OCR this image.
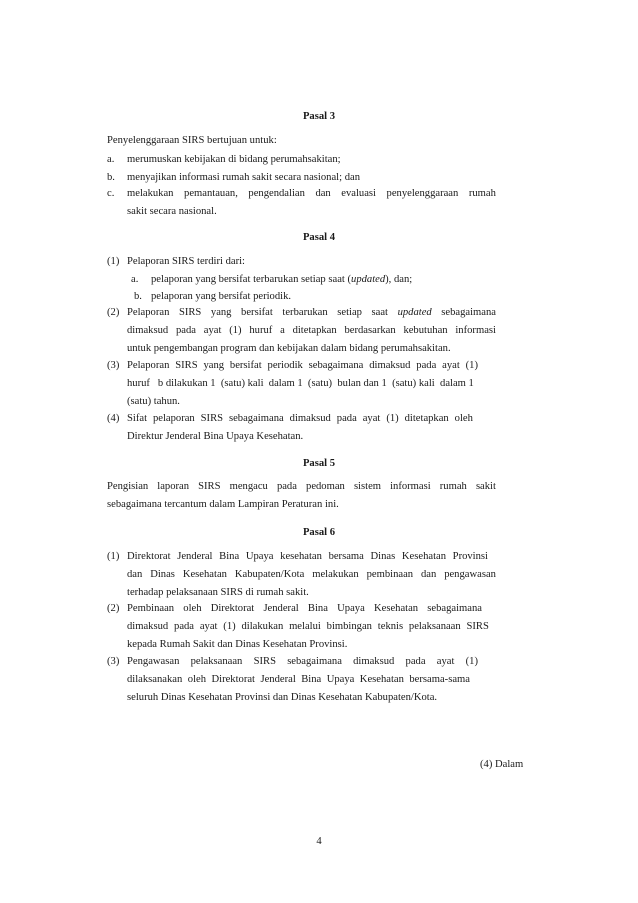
Pasal 3
Penyelenggaraan SIRS bertujuan untuk:
a. merumuskan kebijakan di bidang perumahsakitan;
b. menyajikan informasi rumah sakit secara nasional; dan
c. melakukan pemantauan, pengendalian dan evaluasi penyelenggaraan rumah
sakit secara nasional.
Pasal 4
(1) Pelaporan SIRS terdiri dari:
a. pelaporan yang bersifat terbarukan setiap saat (updated), dan;
b. pelaporan yang bersifat periodik.
(2) Pelaporan SIRS yang bersifat terbarukan setiap saat updated sebagaimana
dimaksud pada ayat (1) huruf a ditetapkan berdasarkan kebutuhan informasi
untuk pengembangan program dan kebijakan dalam bidang perumahsakitan.
(3) Pelaporan SIRS yang bersifat periodik sebagaimana dimaksud pada ayat (1)
huruf   b dilakukan 1  (satu) kali  dalam 1  (satu)  bulan dan 1  (satu) kali  dalam 1
(satu) tahun.
(4) Sifat pelaporan SIRS sebagaimana dimaksud pada ayat (1) ditetapkan oleh
Direktur Jenderal Bina Upaya Kesehatan.
Pasal 5
Pengisian laporan SIRS mengacu pada pedoman sistem informasi rumah sakit
sebagaimana tercantum dalam Lampiran Peraturan ini.
Pasal 6
(1) Direktorat Jenderal Bina Upaya kesehatan bersama Dinas Kesehatan Provinsi
dan Dinas Kesehatan Kabupaten/Kota melakukan pembinaan dan pengawasan
terhadap pelaksanaan SIRS di rumah sakit.
(2) Pembinaan oleh Direktorat Jenderal Bina Upaya Kesehatan sebagaimana
dimaksud pada ayat (1) dilakukan melalui bimbingan teknis pelaksanaan SIRS
kepada Rumah Sakit dan Dinas Kesehatan Provinsi.
(3) Pengawasan pelaksanaan SIRS sebagaimana dimaksud pada ayat (1)
dilaksanakan oleh Direktorat Jenderal Bina Upaya Kesehatan bersama-sama
seluruh Dinas Kesehatan Provinsi dan Dinas Kesehatan Kabupaten/Kota.
(4) Dalam
4
